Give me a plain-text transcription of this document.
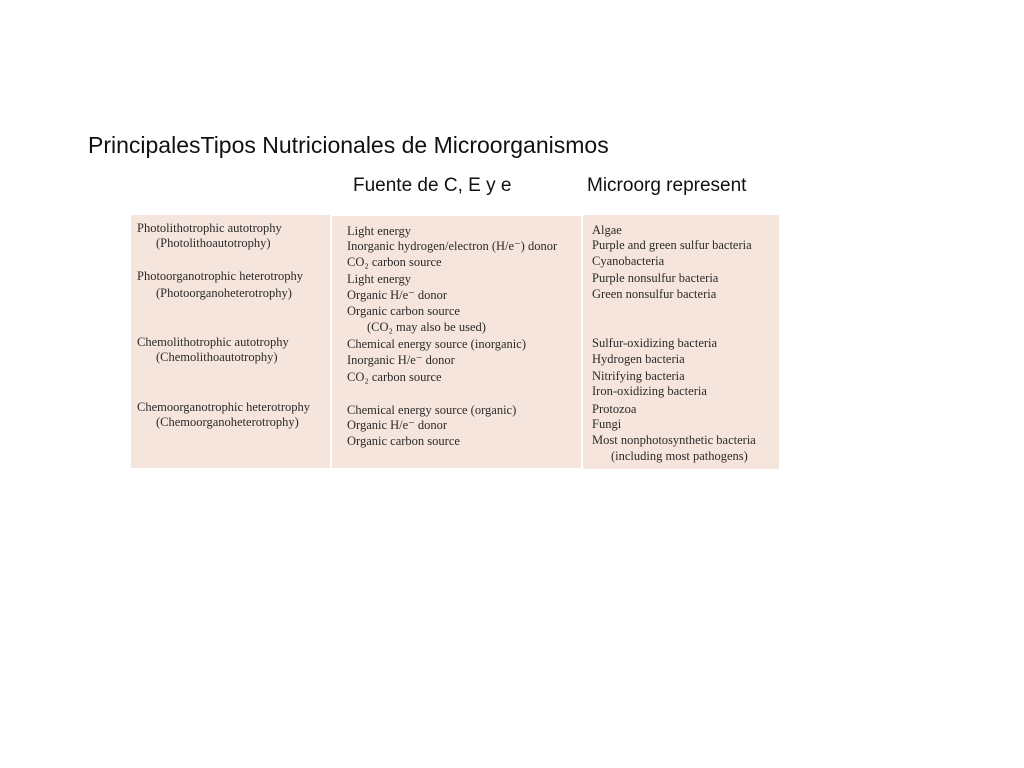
PrincipalesTipos Nutricionales de Microorganismos
Fuente de C, E y e	Microorg represent
Photolithotrophic autotrophy
(Photolithoautotrophy)
Photoorganotrophic heterotrophy
(Photoorganoheterotrophy)
Chemolithotrophic autotrophy
(Chemolithoautotrophy)
Chemoorganotrophic heterotrophy
(Chemoorganoheterotrophy)
Light energy
Inorganic hydrogen/electron (H/e⁻) donor
CO₂ carbon source
Light energy
Organic H/e⁻ donor
Organic carbon source
(CO₂ may also be used)
Chemical energy source (inorganic)
Inorganic H/e⁻ donor
CO₂ carbon source
Chemical energy source (organic)
Organic H/e⁻ donor
Organic carbon source
Algae
Purple and green sulfur bacteria
Cyanobacteria
Purple nonsulfur bacteria
Green nonsulfur bacteria
Sulfur-oxidizing bacteria
Hydrogen bacteria
Nitrifying bacteria
Iron-oxidizing bacteria
Protozoa
Fungi
Most nonphotosynthetic bacteria
(including most pathogens)
